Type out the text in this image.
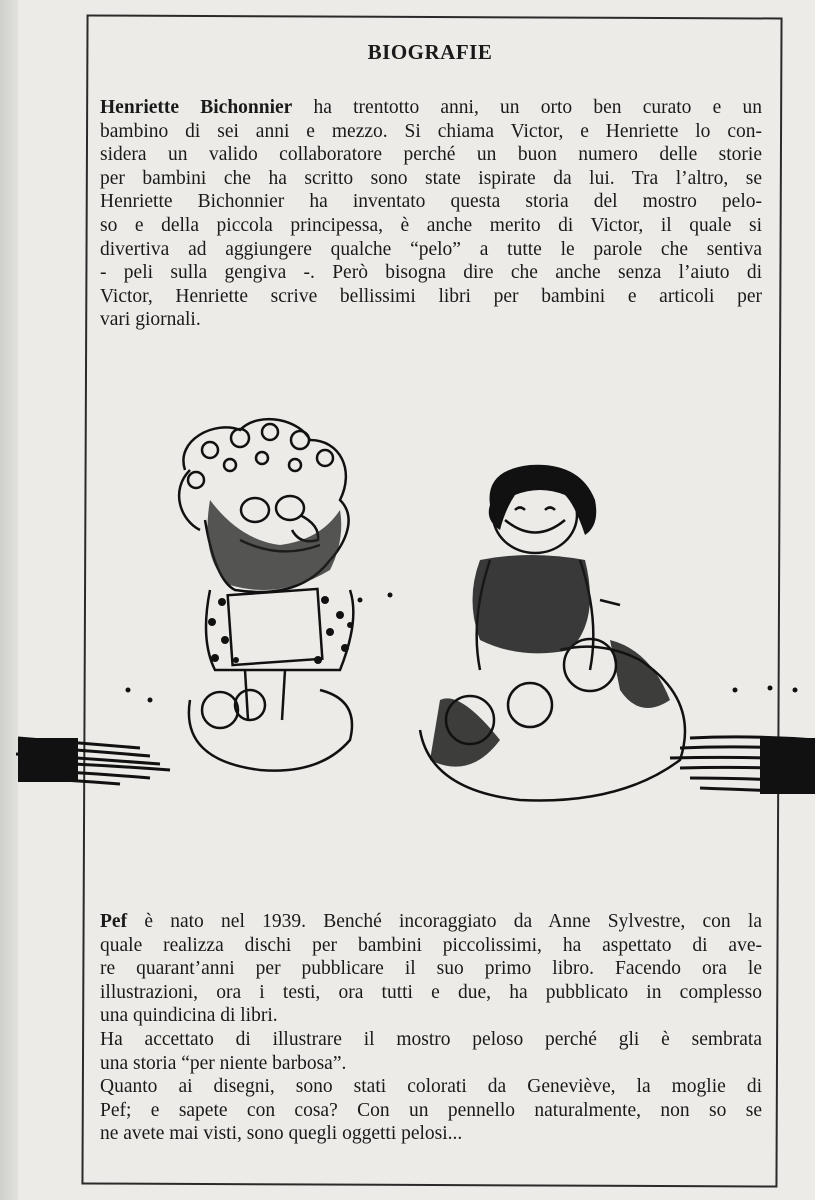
BIOGRAFIE
Henriette Bichonnier ha trentotto anni, un orto ben curato e un
bambino di sei anni e mezzo. Si chiama Victor, e Henriette lo con-
sidera un valido collaboratore perché un buon numero delle storie
per bambini che ha scritto sono state ispirate da lui. Tra l’altro, se
Henriette Bichonnier ha inventato questa storia del mostro pelo-
so e della piccola principessa, è anche merito di Victor, il quale si
divertiva ad aggiungere qualche “pelo” a tutte le parole che sentiva
- peli sulla gengiva -. Però bisogna dire che anche senza l’aiuto di
Victor, Henriette scrive bellissimi libri per bambini e articoli per
vari giornali.
Pef è nato nel 1939. Benché incoraggiato da Anne Sylvestre, con la
quale realizza dischi per bambini piccolissimi, ha aspettato di ave-
re quarant’anni per pubblicare il suo primo libro. Facendo ora le
illustrazioni, ora i testi, ora tutti e due, ha pubblicato in complesso
una quindicina di libri.
Ha accettato di illustrare il mostro peloso perché gli è sembrata
una storia “per niente barbosa”.
Quanto ai disegni, sono stati colorati da Geneviève, la moglie di
Pef; e sapete con cosa? Con un pennello naturalmente, non so se
ne avete mai visti, sono quegli oggetti pelosi...
